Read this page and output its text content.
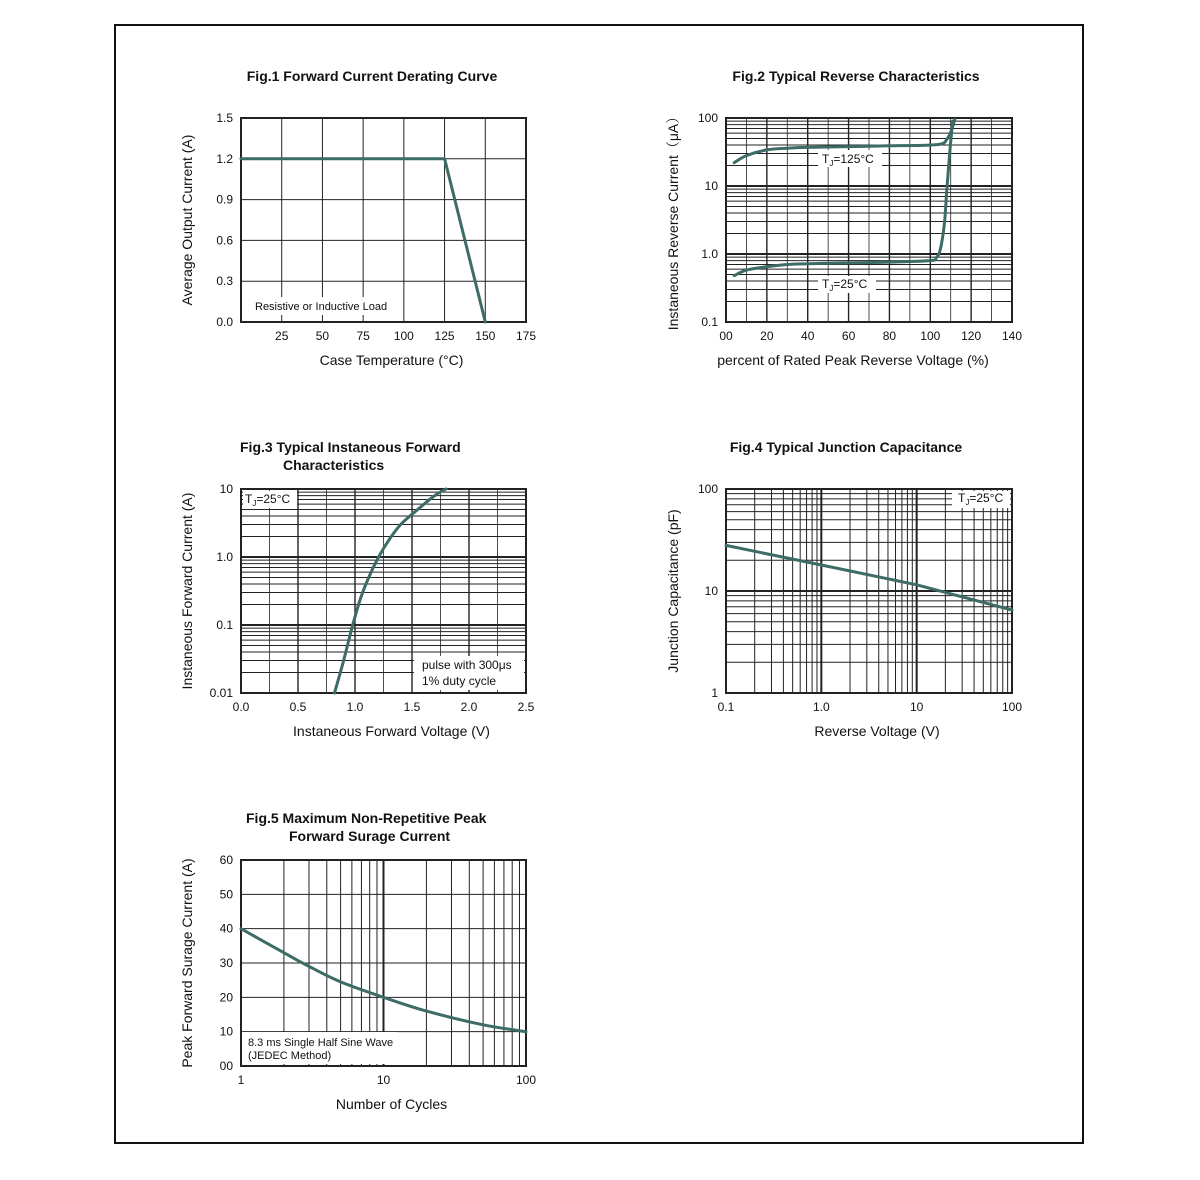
Fig.1 Forward Current Derating Curve
25 50 75 100 125 150 175
0.0
0.3
0.6
0.9
1.2
1.5
Case Temperature (°C)
Average Output Current (A)
Resistive or Inductive Load
Fig.2 Typical Reverse Characteristics
00 20 40 60 80 100 120 140
0.1
1.0
10
100
percent of Rated Peak Reverse Voltage (%)
Instaneous Reverse Current（μA）	$T_J=125^\circ C$
$T_J=25^\circ C$
Fig.3 Typical Instaneous Forward
Characteristics
0.0	0.5	1.0	1.5	2.0	2.5
0.01
0.1
1.0
10
Instaneous Forward Voltage (V)
Instaneous Forward Current (A)	$T_J=25^\circ C$
pulse with 300μs
1% duty cycle
Fig.4 Typical Junction Capacitance
0.1	1.0	10	100
1
10
100
Reverse Voltage (V)
Junction Capacitance (pF)
$T_J=25^\circ C$
Fig.5 Maximum Non-Repetitive Peak
Forward Surage Current
1	10	100
00
10
20
30
40
50
60
Number of Cycles
Peak Forward Surage Current (A)	8.3 ms Single Half Sine Wave
(JEDEC Method)
